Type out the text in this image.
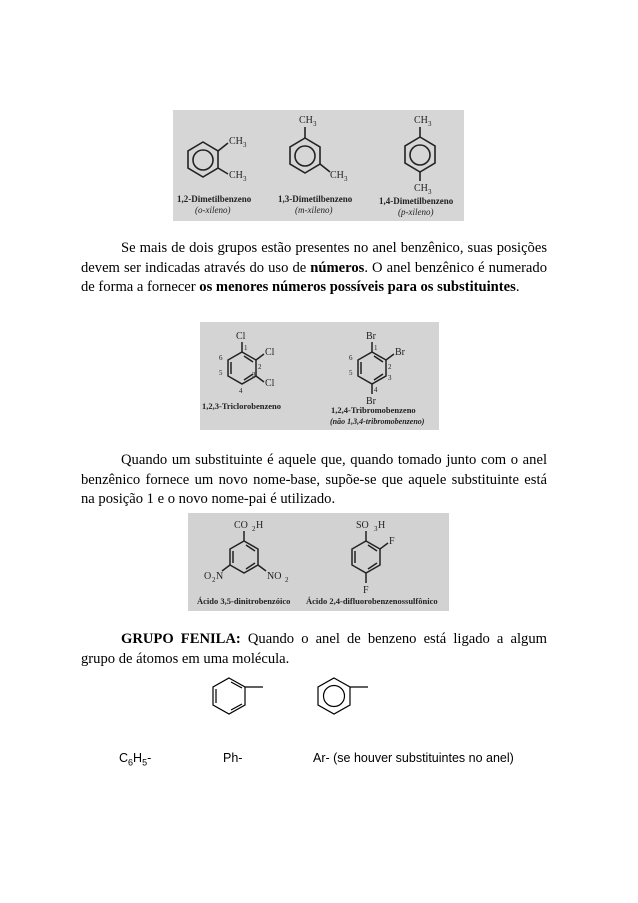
CH 3
CH 3
1,2-Dimetilbenzeno
(o-xileno)
CH 3
CH 3
1,3-Dimetilbenzeno
(m-xileno)
CH 3
CH 3
1,4-Dimetilbenzeno
(p-xileno)

Se mais de dois grupos estão presentes no anel benzênico, suas posições devem ser indicadas através do uso de números. O anel benzênico é numerado de forma a fornecer os menores números possíveis para os substituintes.

Cl
Cl
Cl
1
2
3
4
5
6
1,2,3-Triclorobenzeno
Br
Br
Br
1
2
3
4
5
6
1,2,4-Tribromobenzeno
(não 1,3,4-tribromobenzeno)

Quando um substituinte é aquele que, quando tomado junto com o anel benzênico fornece um novo nome-base, supõe-se que aquele substituinte está na posição 1 e o novo nome-pai é utilizado.

CO 2 H
O 2 N	NO 2
Ácido 3,5-dinitrobenzóico
SO 3 H
F
F
Ácido 2,4-difluorobenzenossulfônico

GRUPO FENILA: Quando o anel de benzeno está ligado a algum grupo de átomos em uma molécula.

$C_6H_5-$	Ph-	Ar- (se houver substituintes no anel)
